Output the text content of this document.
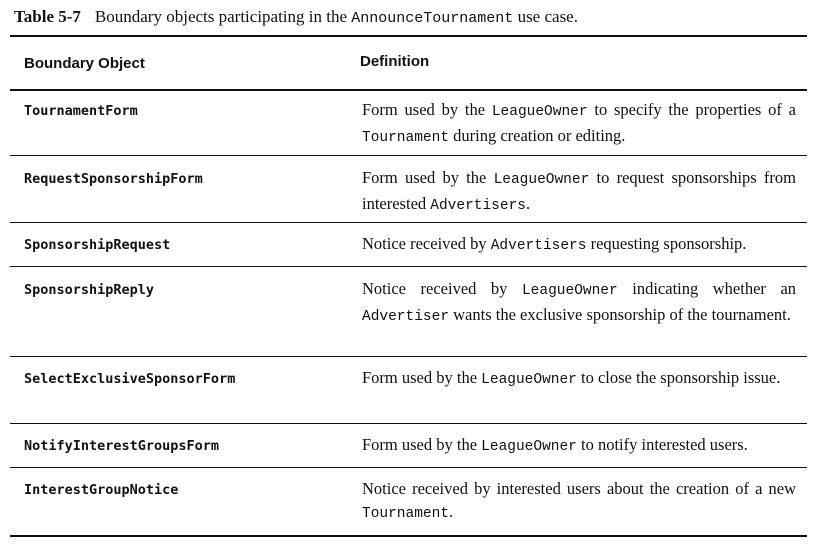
Table 5-7 Boundary objects participating in the AnnounceTournament use case.
Boundary Object	Definition
TournamentForm	Form used by the LeagueOwner to specify the properties of a Tournament during creation or editing.
RequestSponsorshipForm	Form used by the LeagueOwner to request sponsorships from interested Advertisers.
SponsorshipRequest	Notice received by Advertisers requesting sponsorship.
SponsorshipReply	Notice received by LeagueOwner indicating whether an Advertiser wants the exclusive sponsorship of the tournament.
SelectExclusiveSponsorForm	Form used by the LeagueOwner to close the sponsorship issue.
NotifyInterestGroupsForm	Form used by the LeagueOwner to notify interested users.
InterestGroupNotice	Notice received by interested users about the creation of a new Tournament.
